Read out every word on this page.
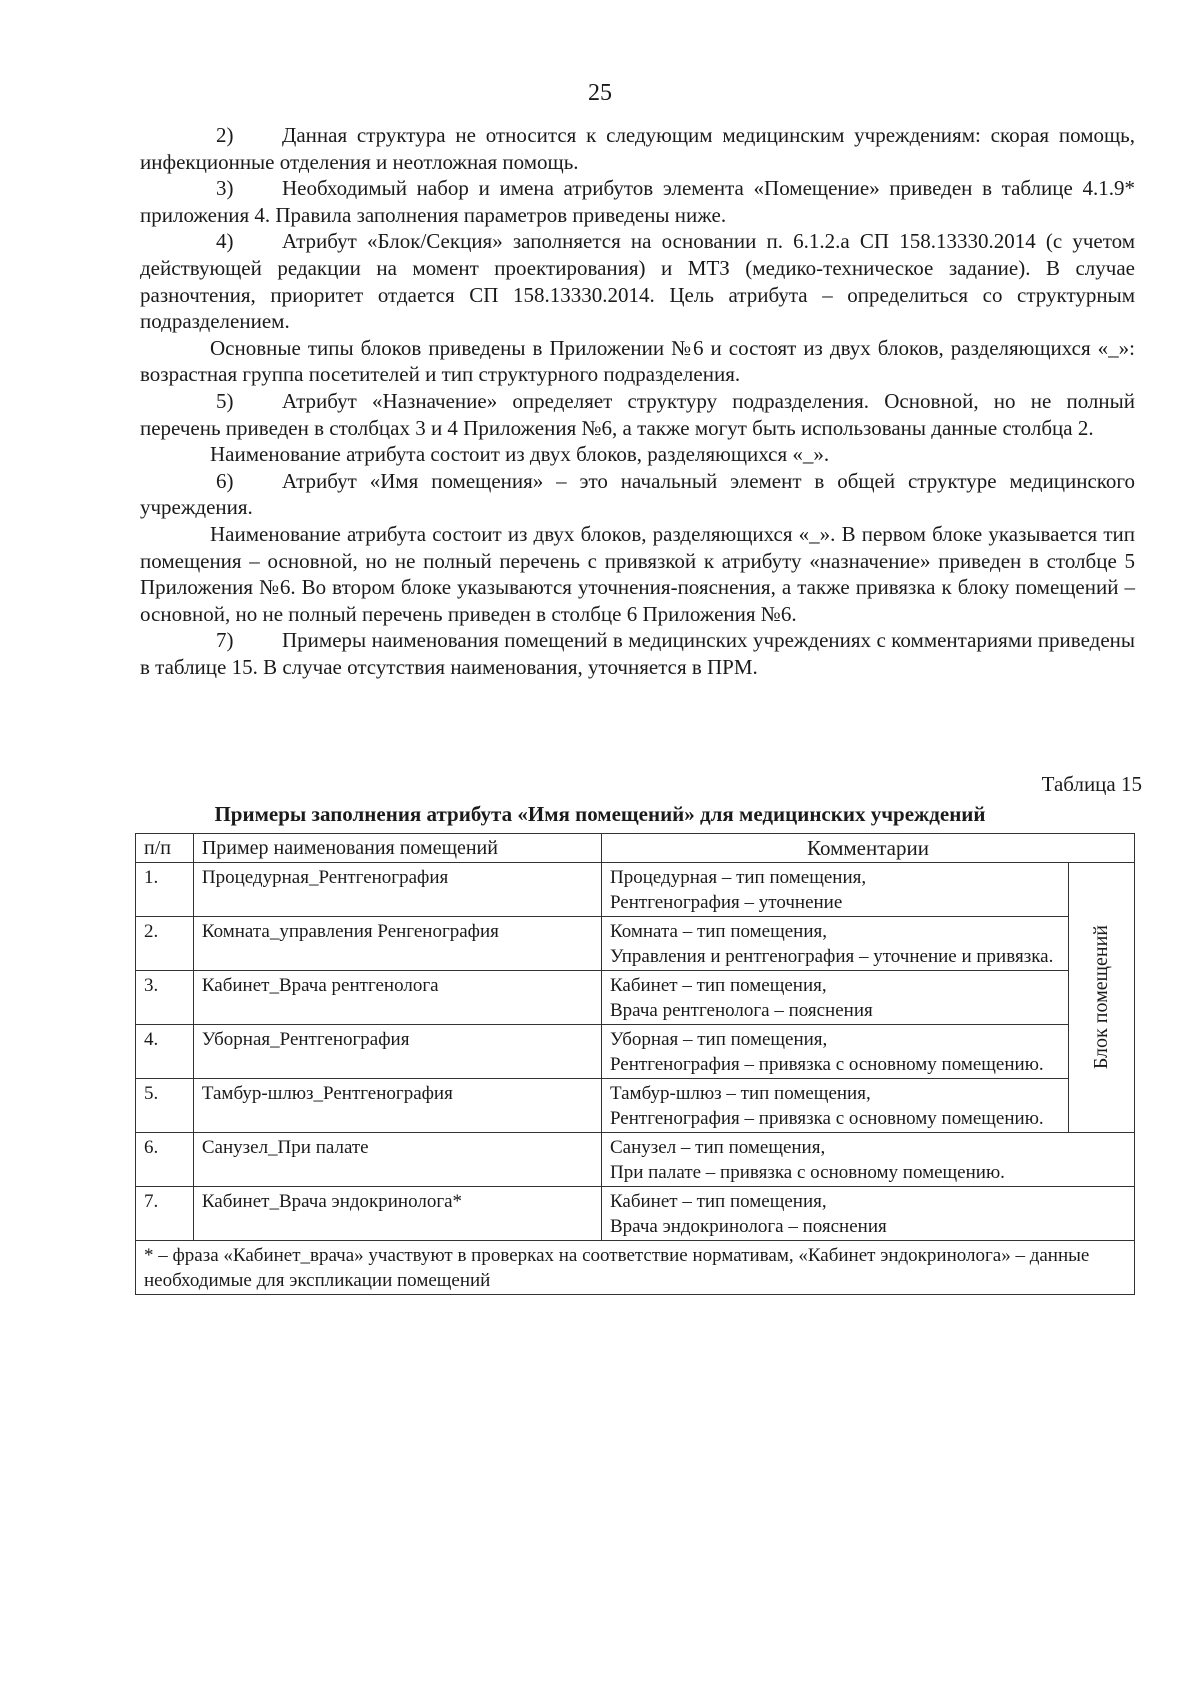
25

2) Данная структура не относится к следующим медицинским учреждениям: скорая помощь, инфекционные отделения и неотложная помощь.

3) Необходимый набор и имена атрибутов элемента «Помещение» приведен в таблице 4.1.9* приложения 4. Правила заполнения параметров приведены ниже.

4) Атрибут «Блок/Секция» заполняется на основании п. 6.1.2.а СП 158.13330.2014 (с учетом действующей редакции на момент проектирования) и МТЗ (медико-техническое задание). В случае разночтения, приоритет отдается СП 158.13330.2014. Цель атрибута – определиться со структурным подразделением.

Основные типы блоков приведены в Приложении №6 и состоят из двух блоков, разделяющихся «_»: возрастная группа посетителей и тип структурного подразделения.

5) Атрибут «Назначение» определяет структуру подразделения. Основной, но не полный перечень приведен в столбцах 3 и 4 Приложения №6, а также могут быть использованы данные столбца 2.

Наименование атрибута состоит из двух блоков, разделяющихся «_».

6) Атрибут «Имя помещения» – это начальный элемент в общей структуре медицинского учреждения.

Наименование атрибута состоит из двух блоков, разделяющихся «_». В первом блоке указывается тип помещения – основной, но не полный перечень с привязкой к атрибуту «назначение» приведен в столбце 5 Приложения №6. Во втором блоке указываются уточнения-пояснения, а также привязка к блоку помещений – основной, но не полный перечень приведен в столбце 6 Приложения №6.

7) Примеры наименования помещений в медицинских учреждениях с комментариями приведены в таблице 15. В случае отсутствия наименования, уточняется в ПРМ.

Таблица 15
Примеры заполнения атрибута «Имя помещений» для медицинских учреждений
п/п	Пример наименования помещений	Комментарии	
1.	Процедурная_Рентгенография	Процедурная – тип помещения,
Рентгенография – уточнение	Блок помещений

2.	Комната_управления Ренгенография	Комната – тип помещения,
Управления и рентгенография – уточнение и привязка.	

3.	Кабинет_Врача рентгенолога	Кабинет – тип помещения,
Врача рентгенолога – пояснения	

4.	Уборная_Рентгенография	Уборная – тип помещения,
Рентгенография – привязка с основному помещению.	

5.	Тамбур-шлюз_Рентгенография	Тамбур-шлюз – тип помещения,
Рентгенография – привязка с основному помещению.	

6.	Санузел_При палате	Санузел – тип помещения,
При палате – привязка с основному помещению.	

7.	Кабинет_Врача эндокринолога*	Кабинет – тип помещения,
Врача эндокринолога – пояснения	

* – фраза «Кабинет_врача» участвуют в проверках на соответствие нормативам, «Кабинет эндокринолога» – данные необходимые для экспликации помещений			
